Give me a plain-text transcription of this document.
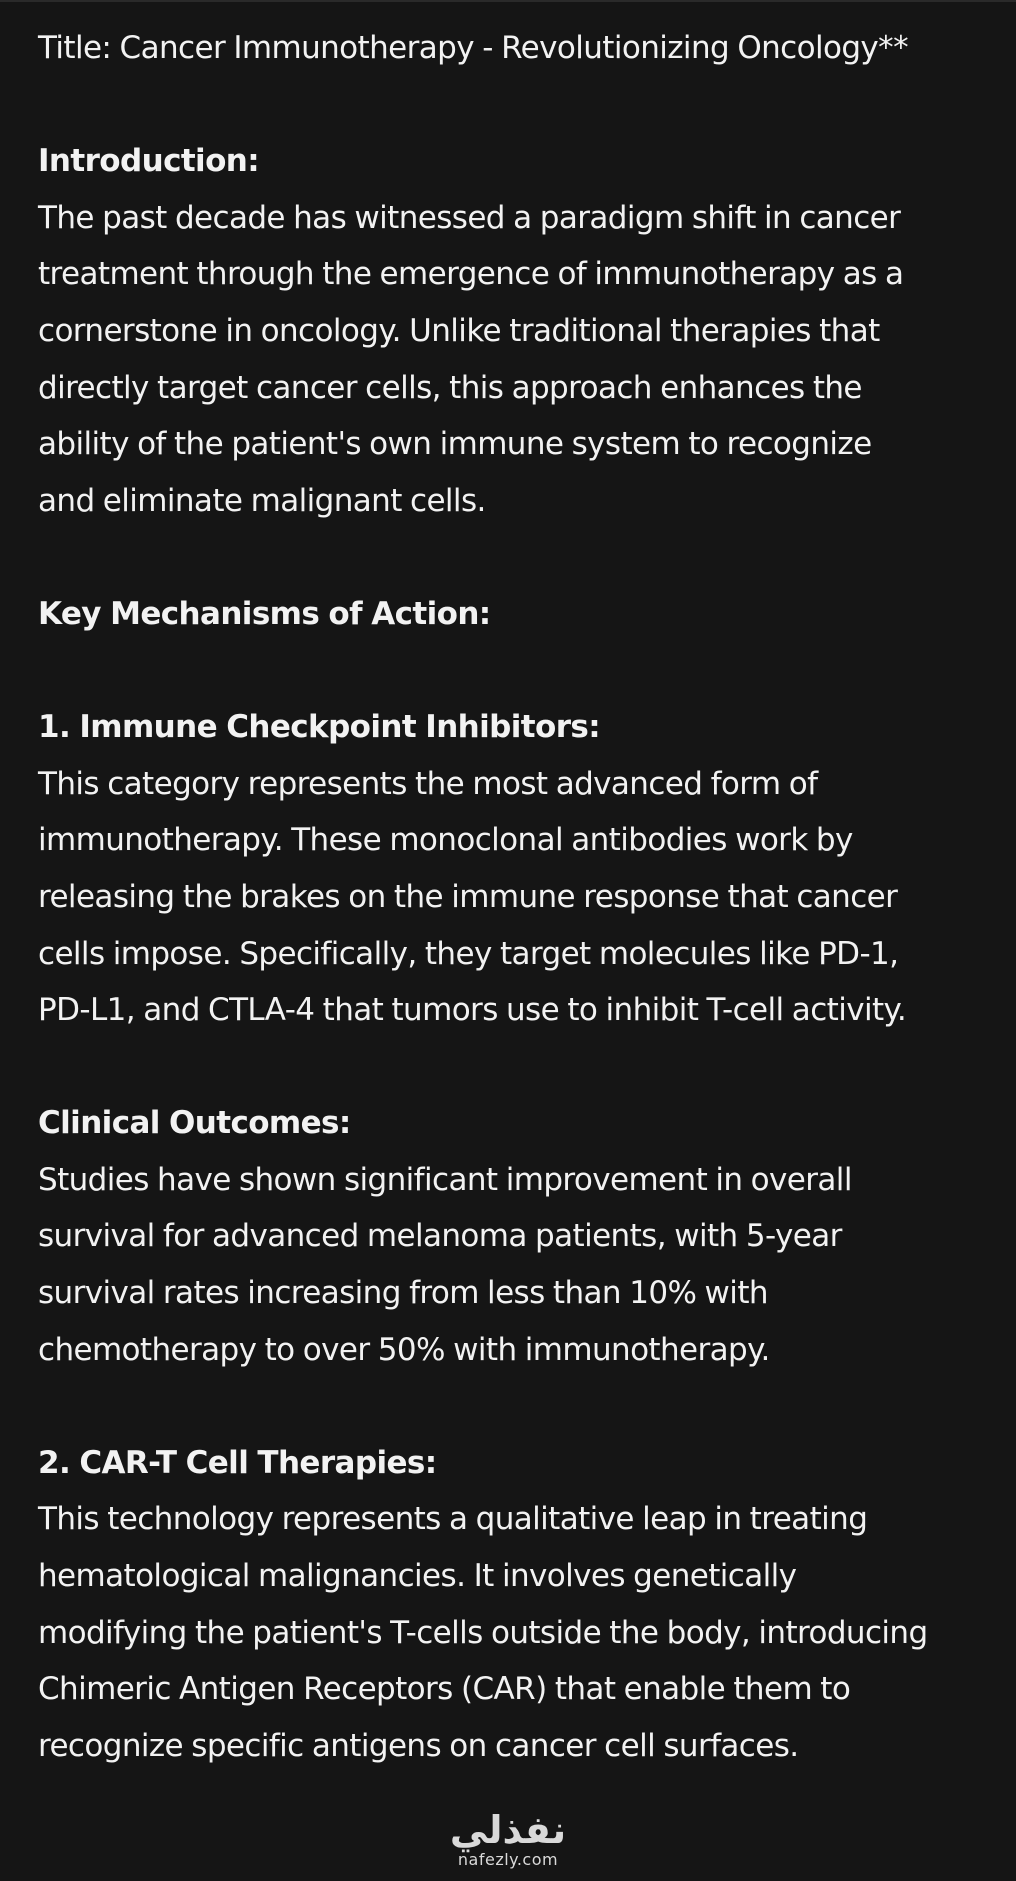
Title: Cancer Immunotherapy - Revolutionizing Oncology**
Introduction:
The past decade has witnessed a paradigm shift in cancer
treatment through the emergence of immunotherapy as a
cornerstone in oncology. Unlike traditional therapies that
directly target cancer cells, this approach enhances the
ability of the patient's own immune system to recognize
and eliminate malignant cells.
Key Mechanisms of Action:
1. Immune Checkpoint Inhibitors:
This category represents the most advanced form of
immunotherapy. These monoclonal antibodies work by
releasing the brakes on the immune response that cancer
cells impose. Specifically, they target molecules like PD-1,
PD-L1, and CTLA-4 that tumors use to inhibit T-cell activity.
Clinical Outcomes:
Studies have shown significant improvement in overall
survival for advanced melanoma patients, with 5-year
survival rates increasing from less than 10% with
chemotherapy to over 50% with immunotherapy.
2. CAR-T Cell Therapies:
This technology represents a qualitative leap in treating
hematological malignancies. It involves genetically
modifying the patient's T-cells outside the body, introducing
Chimeric Antigen Receptors (CAR) that enable them to
recognize specific antigens on cancer cell surfaces.
نفذلي
nafezly.com
